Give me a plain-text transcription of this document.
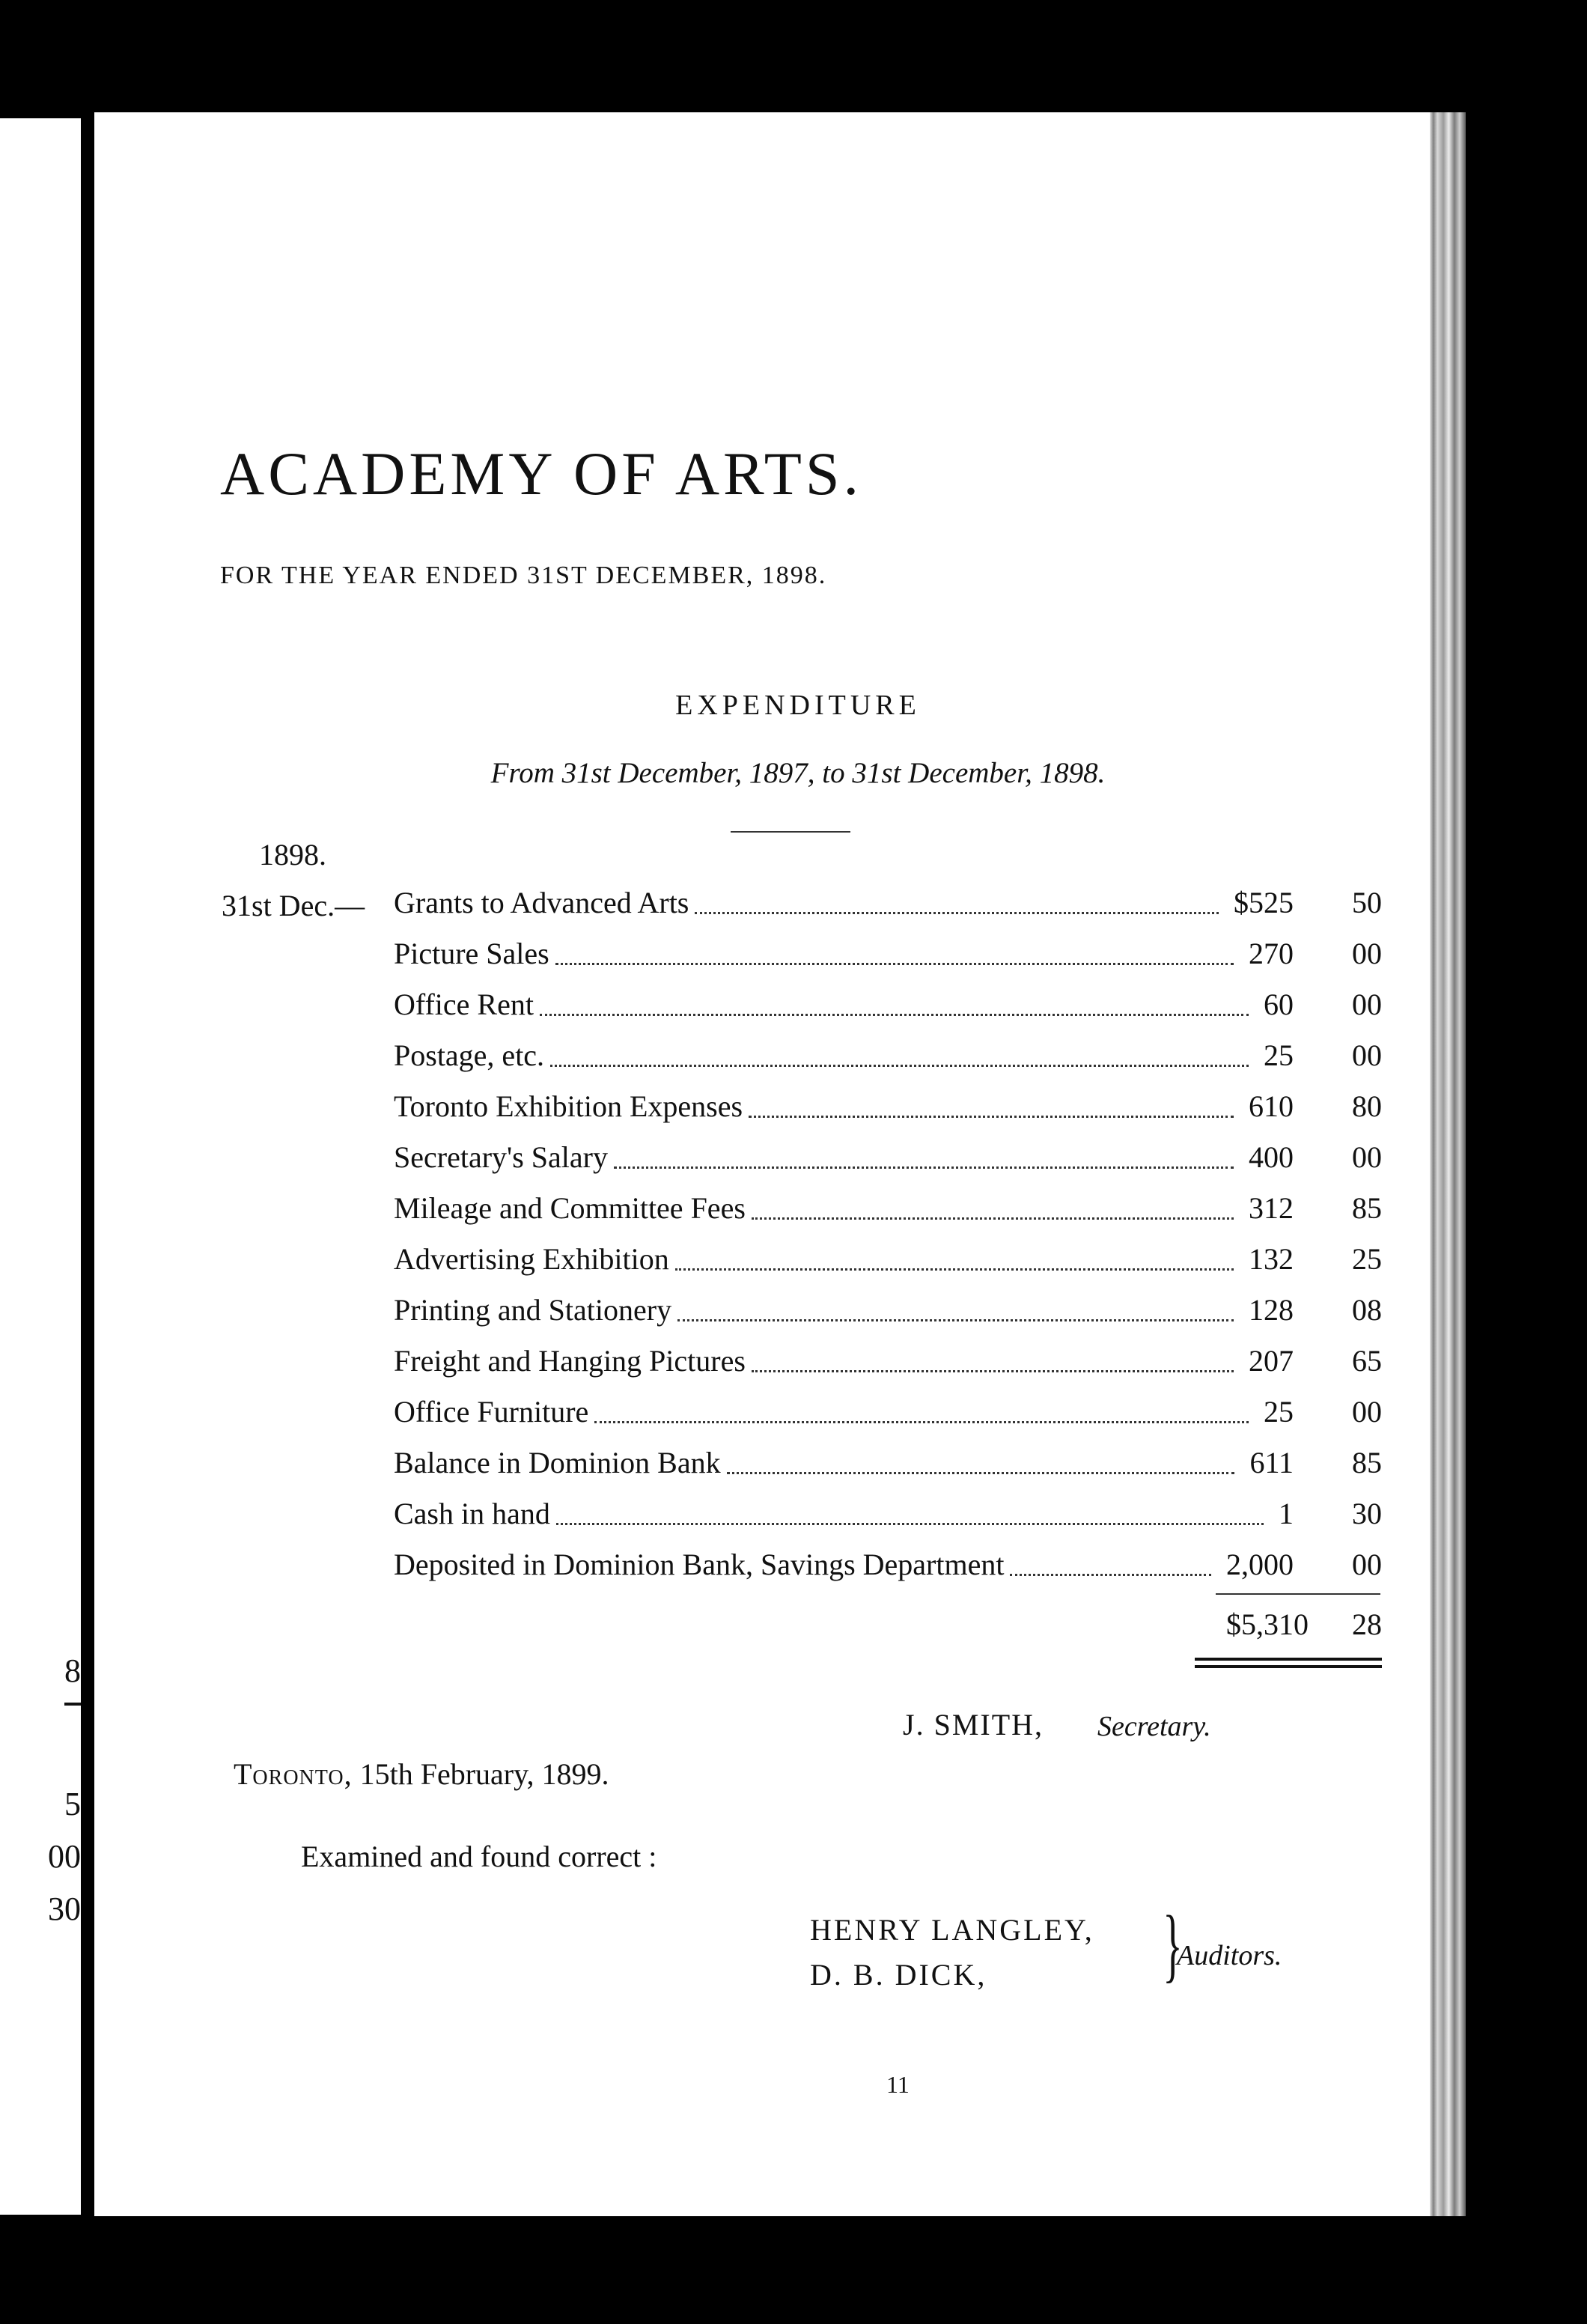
8
5
00
30
ACADEMY OF ARTS.
FOR THE YEAR ENDED 31ST DECEMBER, 1898.
EXPENDITURE
From 31st December, 1897, to 31st December, 1898.
1898.
31st Dec.— Grants to Advanced Arts	$525	50
Picture Sales	270	00
Office Rent	60	00
Postage, etc.	25	00
Toronto Exhibition Expenses	610	80
Secretary's Salary	400	00
Mileage and Committee Fees	312	85
Advertising Exhibition	132	25
Printing and Stationery	128	08
Freight and Hanging Pictures	207	65
Office Furniture	25	00
Balance in Dominion Bank	611	85
Cash in hand	1	30
Deposited in Dominion Bank, Savings Department	2,000	00
$5,310 28
J. SMITH, Secretary.
Toronto, 15th February, 1899.
Examined and found correct :
HENRY LANGLEY,
D. B. DICK, }
Auditors.
11
